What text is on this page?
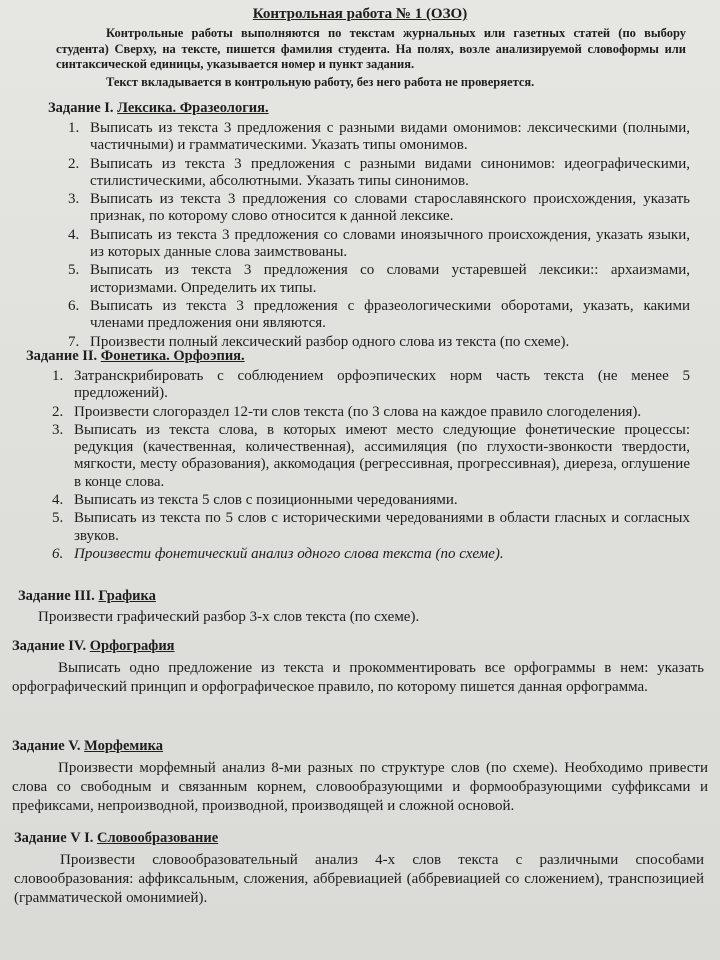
Контрольная работа № 1 (ОЗО)
Контрольные работы выполняются по текстам журнальных или газетных статей (по выбору студента) Сверху, на тексте, пишется фамилия студента. На полях, возле анализируемой словоформы или синтаксической единицы, указывается номер и пункт задания.
Текст вкладывается в контрольную работу, без него работа не проверяется.
Задание I. Лексика. Фразеология.
1. Выписать из текста 3 предложения с разными видами омонимов: лексическими (полными, частичными) и грамматическими. Указать типы омонимов.
2. Выписать из текста 3 предложения с разными видами синонимов: идеографическими, стилистическими, абсолютными. Указать типы синонимов.
3. Выписать из текста 3 предложения со словами старославянского происхождения, указать признак, по которому слово относится к данной лексике.
4. Выписать из текста 3 предложения со словами иноязычного происхождения, указать языки, из которых данные слова заимствованы.
5. Выписать из текста 3 предложения со словами устаревшей лексики:: архаизмами, историзмами. Определить их типы.
6. Выписать из текста 3 предложения с фразеологическими оборотами, указать, какими членами предложения они являются.
7. Произвести полный лексический разбор одного слова из текста (по схеме).
Задание II. Фонетика. Орфоэпия.
1. Затранскрибировать с соблюдением орфоэпических норм часть текста (не менее 5 предложений).
2. Произвести слогораздел 12-ти слов текста (по 3 слова на каждое правило слогоделения).
3. Выписать из текста слова, в которых имеют место следующие фонетические процессы: редукция (качественная, количественная), ассимиляция (по глухости-звонкости твердости, мягкости, месту образования), аккомодация (регрессивная, прогрессивная), диереза, оглушение в конце слова.
4. Выписать из текста 5 слов с позиционными чередованиями.
5. Выписать из текста по 5 слов с историческими чередованиями в области гласных и согласных звуков.
6. Произвести фонетический анализ одного слова текста (по схеме).
Задание III. Графика
Произвести графический разбор 3-х слов текста (по схеме).
Задание IV. Орфография
Выписать одно предложение из текста и прокомментировать все орфограммы в нем: указать орфографический принцип и орфографическое правило, по которому пишется данная орфограмма.
Задание V. Морфемика
Произвести морфемный анализ 8-ми разных по структуре слов (по схеме). Необходимо привести слова со свободным и связанным корнем, словообразующими и формообразующими суффиксами и префиксами, непроизводной, производной, производящей и сложной основой.
Задание V I. Словообразование
Произвести словообразовательный анализ 4-х слов текста с различными способами словообразования: аффиксальным, сложения, аббревиацией (аббревиацией со сложением), транспозицией (грамматической омонимией).
